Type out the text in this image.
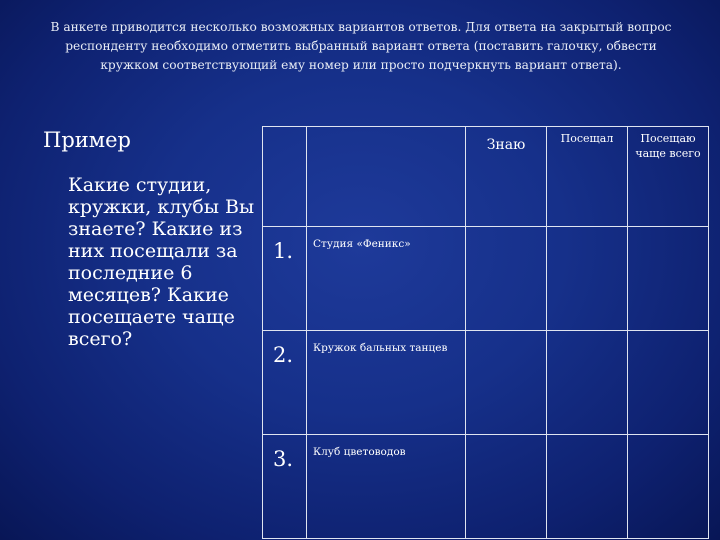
В анкете приводится несколько возможных вариантов ответов. Для ответа на закрытый вопрос респонденту необходимо отметить выбранный вариант ответа (поставить галочку, обвести кружком соответствующий ему номер или просто подчеркнуть вариант ответа).
Пример
Какие студии, кружки, клубы Вы знаете? Какие из них посещали за последние 6 месяцев? Какие посещаете чаще всего?
		Знаю	Посещал	Посещаю чаще всего
1.	Студия «Феникс»			
2.	Кружок бальных танцев			
3.	Клуб цветоводов			
